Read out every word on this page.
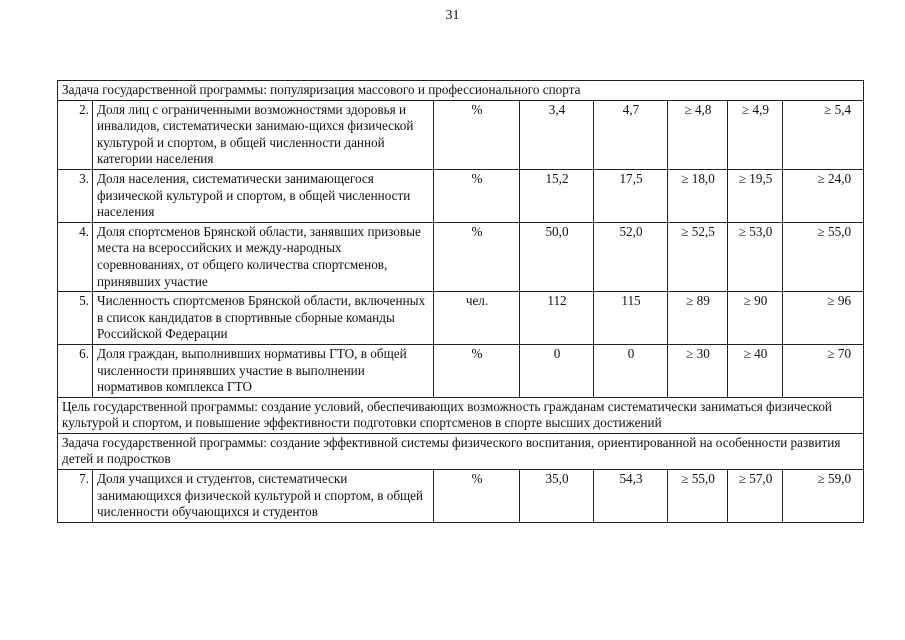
31
Задача государственной программы: популяризация массового и профессионального спорта							
2.	Доля лиц с ограниченными возможностями здоровья и инвалидов, систематически занимаю-щихся физической культурой и спортом, в общей численности данной категории населения	%	3,4	4,7	≥ 4,8	≥ 4,9	≥ 5,4
3.	Доля населения, систематически занимающегося физической культурой и спортом, в общей численности населения	%	15,2	17,5	≥ 18,0	≥ 19,5	≥ 24,0
4.	Доля спортсменов Брянской области, занявших призовые места на всероссийских и между-народных соревнованиях, от общего количества спортсменов, принявших участие	%	50,0	52,0	≥ 52,5	≥ 53,0	≥ 55,0
5.	Численность спортсменов Брянской области, включенных в список кандидатов в спортивные сборные команды Российской Федерации	чел.	112	115	≥ 89	≥ 90	≥ 96
6.	Доля граждан, выполнивших нормативы ГТО, в общей численности принявших участие в выполнении нормативов комплекса ГТО	%	0	0	≥ 30	≥ 40	≥ 70
Цель государственной программы: создание условий, обеспечивающих возможность гражданам систематически заниматься физической культурой и спортом, и повышение эффективности подготовки спортсменов в спорте высших достижений							
Задача государственной программы: создание эффективной системы физического воспитания, ориентированной на особенности развития детей и подростков							
7.	Доля учащихся и студентов, систематически занимающихся физической культурой и спортом, в общей численности обучающихся и студентов	%	35,0	54,3	≥ 55,0	≥ 57,0	≥ 59,0
